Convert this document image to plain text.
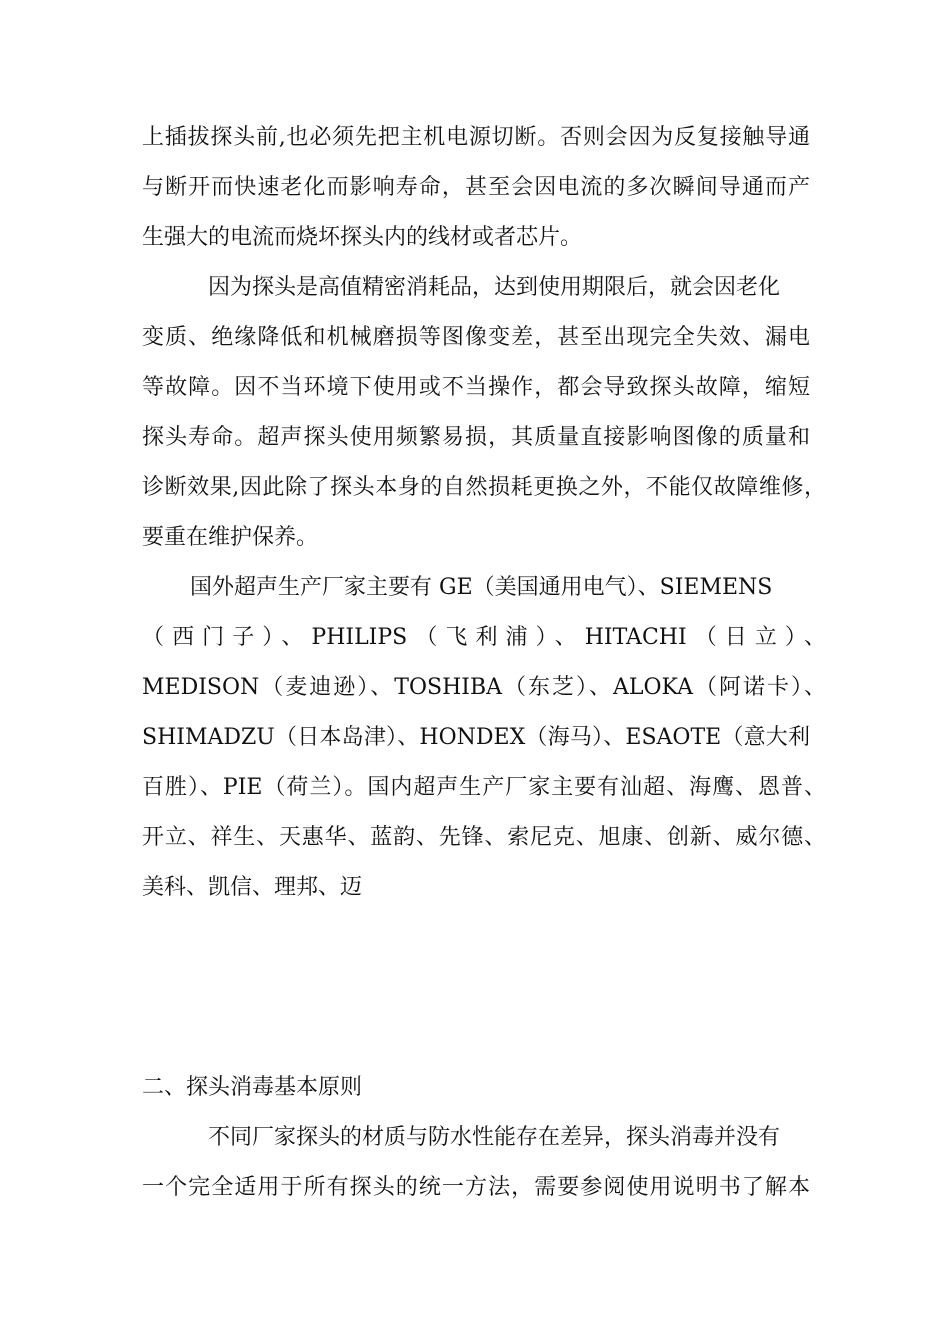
上插拔探头前,也必须先把主机电源切断。否则会因为反复接触导通
与断开而快速老化而影响寿命，甚至会因电流的多次瞬间导通而产
生强大的电流而烧坏探头内的线材或者芯片。
因为探头是高值精密消耗品，达到使用期限后，就会因老化
变质、绝缘降低和机械磨损等图像变差，甚至出现完全失效、漏电
等故障。因不当环境下使用或不当操作，都会导致探头故障，缩短
探头寿命。超声探头使用频繁易损，其质量直接影响图像的质量和
诊断效果,因此除了探头本身的自然损耗更换之外，不能仅故障维修，
要重在维护保养。
国外超声生产厂家主要有 GE（美国通用电气）、SIEMENS
（西门子）、PHILIPS（飞利浦）、HITACHI（日立）、
MEDISON（麦迪逊）、TOSHIBA（东芝）、ALOKA（阿诺卡）、
SHIMADZU（日本岛津）、HONDEX（海马）、ESAOTE（意大利
百胜）、PIE（荷兰）。国内超声生产厂家主要有汕超、海鹰、恩普、
开立、祥生、天惠华、蓝韵、先锋、索尼克、旭康、创新、威尔德、
美科、凯信、理邦、迈
二、探头消毒基本原则
不同厂家探头的材质与防水性能存在差异，探头消毒并没有
一个完全适用于所有探头的统一方法，需要参阅使用说明书了解本
